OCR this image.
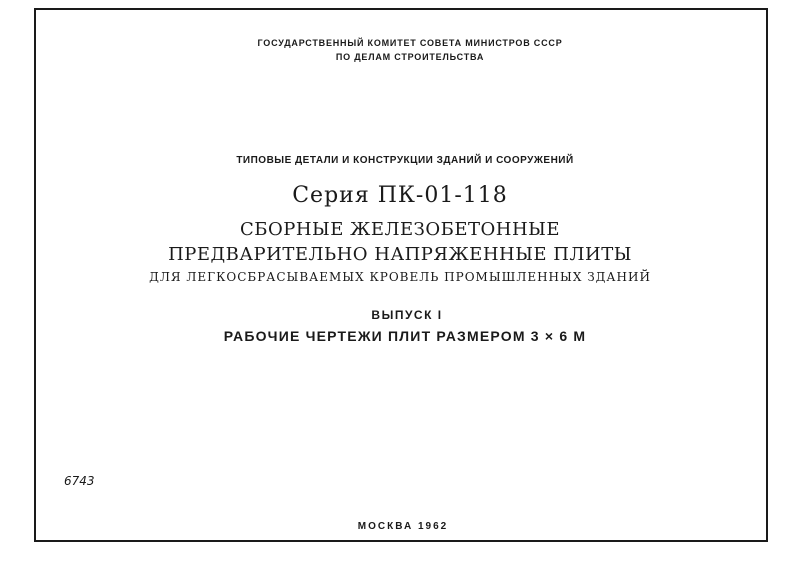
ГОСУДАРСТВЕННЫЙ КОМИТЕТ СОВЕТА МИНИСТРОВ СССР
ПО ДЕЛАМ СТРОИТЕЛЬСТВА
ТИПОВЫЕ ДЕТАЛИ И КОНСТРУКЦИИ ЗДАНИЙ И СООРУЖЕНИЙ
Серия ПК-01-118
СБОРНЫЕ ЖЕЛЕЗОБЕТОННЫЕ
ПРЕДВАРИТЕЛЬНО НАПРЯЖЕННЫЕ ПЛИТЫ
ДЛЯ ЛЕГКОСБРАСЫВАЕМЫХ КРОВЕЛЬ ПРОМЫШЛЕННЫХ ЗДАНИЙ
ВЫПУСК I
РАБОЧИЕ ЧЕРТЕЖИ ПЛИТ РАЗМЕРОМ 3 × 6 М
6743
МОСКВА 1962
